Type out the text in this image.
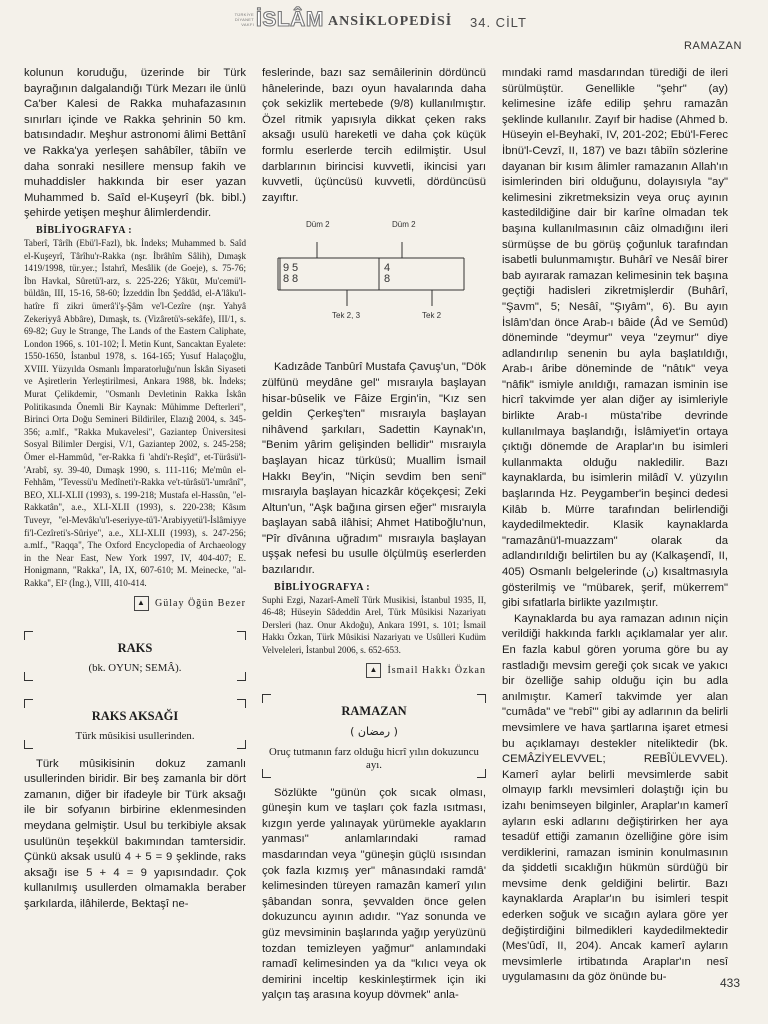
TÜRKİYE DİYANET VAKFI İSLÂM ANSİKLOPEDİSİ 34. CİLT
RAMAZAN

kolunun koruduğu, üzerinde bir Türk bayrağının dalgalandığı Türk Mezarı ile ünlü Ca'ber Kalesi de Rakka muhafazasının sınırları içinde ve Rakka şehrinin 50 km. batısındadır. Meşhur astronomi âlimi Bettânî ve Rakka'ya yerleşen sahâbîler, tâbiîn ve daha sonraki nesillere mensup fakih ve muhaddisler hakkında bir eser yazan Muhammed b. Saîd el-Kuşeyrî (bk. bibl.) şehirde yetişen meşhur âlimlerdendir.

BİBLİYOGRAFYA :

Taberî, Târîh (Ebü'l-Fazl), bk. İndeks; Muhammed b. Saîd el-Kuşeyrî, Târîhu'r-Rakka (nşr. İbrâhîm Sâlih), Dımaşk 1419/1998, tür.yer.; İstahrî, Mesâlik (de Goeje), s. 75-76; İbn Havkal, Sûretü'l-arz, s. 225-226; Yâkūt, Mu'cemü'l-büldân, III, 15-16, 58-60; İzzeddin İbn Şeddâd, el-A'lâku'l-hatîre fî zikri ümerâ'i'ş-Şâm ve'l-Cezîre (nşr. Yahyâ Zekeriyyâ Abbâre), Dımaşk, ts. (Vizâretü's-sekâfe), III/1, s. 69-82; Guy le Strange, The Lands of the Eastern Caliphate, London 1966, s. 101-102; İ. Metin Kunt, Sancaktan Eyalete: 1550-1650, İstanbul 1978, s. 164-165; Yusuf Halaçoğlu, XVIII. Yüzyılda Osmanlı İmparatorluğu'nun İskân Siyaseti ve Aşiretlerin Yerleştirilmesi, Ankara 1988, bk. İndeks; Murat Çelikdemir, "Osmanlı Devletinin Rakka İskân Politikasında Önemli Bir Kaynak: Mühimme Defterleri", Birinci Orta Doğu Semineri Bildiriler, Elazığ 2004, s. 345-356; a.mlf., "Rakka Mukavelesi", Gaziantep Üniversitesi Sosyal Bilimler Dergisi, V/1, Gaziantep 2002, s. 245-258; Ömer el-Hammûd, "er-Rakka fi 'ahdi'r-Reşîd", et-Türâsü'l-'Arabî, sy. 39-40, Dımaşk 1990, s. 111-116; Me'mûn el-Fehhâm, "Tevessü'u Medîneti'r-Rakka ve't-türâsü'l-'umrânî", BEO, XLI-XLII (1993), s. 199-218; Mustafa el-Hassûn, "el-Rakkatân", a.e., XLI-XLII (1993), s. 220-238; Kâsım Tuveyr, "el-Mevâkı'u'l-eseriyye-tü'l-'Arabiyyetü'l-İslâmiyye fi'l-Cezîreti's-Sûriye", a.e., XLI-XLII (1993), s. 247-256; a.mlf., "Raqqa", The Oxford Encyclopedia of Archaeology in the Near East, New York 1997, IV, 404-407; E. Honigmann, "Rakka", İA, IX, 607-610; M. Meinecke, "al-Rakka", EI² (İng.), VIII, 410-414.

▲ Gülay Öğün Bezer
RAKS

(bk. OYUN; SEMÂ).

RAKS AKSAĞI

Türk mûsikisi usullerinden.

Türk mûsikisinin dokuz zamanlı usullerinden biridir. Bir beş zamanla bir dört zamanın, diğer bir ifadeyle bir Türk aksağı ile bir sofyanın birbirine eklenmesinden meydana gelmiştir. Usul bu terkibiyle aksak usulünün teşekkül bakımından tamtersidir. Çünkü aksak usulü 4 + 5 = 9 şeklinde, raks aksağı ise 5 + 4 = 9 yapısındadır. Çok kullanılmış usullerden olmamakla beraber şarkılarda, ilâhilerde, Bektaşî ne-

feslerinde, bazı saz semâilerinin dördüncü hânelerinde, bazı oyun havalarında daha çok sekizlik mertebede (9/8) kullanılmıştır. Özel ritmik yapısıyla dikkat çeken raks aksağı usulü hareketli ve daha çok küçük formlu eserlerde tercih edilmiştir. Usul darblarının birincisi kuvvetli, ikincisi yarı kuvvetli, üçüncüsü kuvvetli, dördüncüsü zayıftır.

Düm 2	Düm 2
9
8
5
8
4
8
Tek 2, 3	Tek 2

Kadızâde Tanbûrî Mustafa Çavuş'un, "Dök zülfünü meydâne gel" mısraıyla başlayan hisar-bûselik ve Fâize Ergin'in, "Kız sen geldin Çerkeş'ten" mısraıyla başlayan nihâvend şarkıları, Sadettin Kaynak'ın, "Benim yârim gelişinden bellidir" mısraıyla başlayan hicaz türküsü; Muallim İsmail Hakkı Bey'in, "Niçin sevdim ben seni" mısraıyla başlayan hicazkâr köçekçesi; Zeki Altun'un, "Aşk bağına girsen eğer" mısraıyla başlayan sabâ ilâhisi; Ahmet Hatiboğlu'nun, "Pîr dîvânına uğradım" mısraıyla başlayan uşşak nefesi bu usulle ölçülmüş eserlerden bazılarıdır.

BİBLİYOGRAFYA :

Suphi Ezgi, Nazarî-Amelî Türk Musikisi, İstanbul 1935, II, 46-48; Hüseyin Sâdeddin Arel, Türk Mûsikisi Nazariyatı Dersleri (haz. Onur Akdoğu), Ankara 1991, s. 101; İsmail Hakkı Özkan, Türk Mûsikisi Nazariyatı ve Usûlleri Kudüm Velveleleri, İstanbul 2006, s. 652-653.

▲ İsmail Hakkı Özkan
RAMAZAN
( رمضان )

Oruç tutmanın farz olduğu hicrî yılın dokuzuncu ayı.

Sözlükte "günün çok sıcak olması, güneşin kum ve taşları çok fazla ısıtması, kızgın yerde yalınayak yürümekle ayakların yanması" anlamlarındaki ramad masdarından veya "güneşin güçlü ısısından çok fazla kızmış yer" mânasındaki ramdâ' kelimesinden türeyen ramazân kamerî yılın şâbandan sonra, şevvalden önce gelen dokuzuncu ayının adıdır. "Yaz sonunda ve güz mevsiminin başlarında yağıp yeryüzünü tozdan temizleyen yağmur" anlamındaki ramadî kelimesinden ya da "kılıcı veya ok demirini inceltip keskinleştirmek için iki yalçın taş arasına koyup dövmek" anla-

mındaki ramd masdarından türediği de ileri sürülmüştür. Genellikle "şehr" (ay) kelimesine izâfe edilip şehru ramazân şeklinde kullanılır. Zayıf bir hadise (Ahmed b. Hüseyin el-Beyhakī, IV, 201-202; Ebü'l-Ferec İbnü'l-Cevzî, II, 187) ve bazı tâbiîn sözlerine dayanan bir kısım âlimler ramazanın Allah'ın isimlerinden biri olduğunu, dolayısıyla "ay" kelimesini zikretmeksizin veya oruç ayının kastedildiğine dair bir karîne olmadan tek başına kullanılmasının câiz olmadığını ileri sürmüşse de bu görüş çoğunluk tarafından isabetli bulunmamıştır. Buhârî ve Nesâî birer bab ayırarak ramazan kelimesinin tek başına geçtiği hadisleri zikretmişlerdir (Buhârî, "Şavm", 5; Nesâî, "Şıyâm", 6). Bu ayın İslâm'dan önce Arab-ı bâide (Âd ve Semûd) döneminde "deymur" veya "zeymur" diye adlandırılıp senenin bu ayla başlatıldığı, Arab-ı âribe döneminde de "nâtık" veya "nâfik" ismiyle anıldığı, ramazan isminin ise hicrî takvimde yer alan diğer ay isimleriyle birlikte Arab-ı müsta'ribe devrinde kullanılmaya başlandığı, İslâmiyet'in ortaya çıktığı dönemde de Araplar'ın bu isimleri kullanmakta olduğu nakledilir. Bazı kaynaklarda, bu isimlerin milâdî V. yüzyılın başlarında Hz. Peygamber'in beşinci dedesi Kilâb b. Mürre tarafından belirlendiği kaydedilmektedir. Klasik kaynaklarda "ramazânü'l-muazzam" olarak da adlandırıldığı belirtilen bu ay (Kalkaşendî, II, 405) Osmanlı belgelerinde (ن) kısaltmasıyla gösterilmiş ve "mübarek, şerif, mükerrem" gibi sıfatlarla birlikte yazılmıştır.

Kaynaklarda bu aya ramazan adının niçin verildiği hakkında farklı açıklamalar yer alır. En fazla kabul gören yoruma göre bu ay rastladığı mevsim gereği çok sıcak ve yakıcı bir özelliğe sahip olduğu için bu adla anılmıştır. Kamerî takvimde yer alan "cumâda" ve "rebî'" gibi ay adlarının da belirli mevsimlere ve hava şartlarına işaret etmesi bu açıklamayı destekler niteliktedir (bk. CEMÂZİYELEVVEL; REBÎÜLEVVEL). Kamerî aylar belirli mevsimlerde sabit olmayıp farklı mevsimleri dolaştığı için bu izahı benimseyen bilginler, Araplar'ın kamerî ayların eski adlarını değiştirirken her aya tesadüf ettiği zamanın özelliğine göre isim verdiklerini, ramazan isminin konulmasının da şiddetli sıcaklığın hükmün sürdüğü bir mevsime denk geldiğini belirtir. Bazı kaynaklarda Araplar'ın bu isimleri tespit ederken soğuk ve sıcağın aylara göre yer değiştirdiğini bilmedikleri kaydedilmektedir (Mes'ûdî, II, 204). Ancak kamerî ayların mevsimlerle irtibatında Araplar'ın nesî uygulamasını da göz önünde bu-	433
